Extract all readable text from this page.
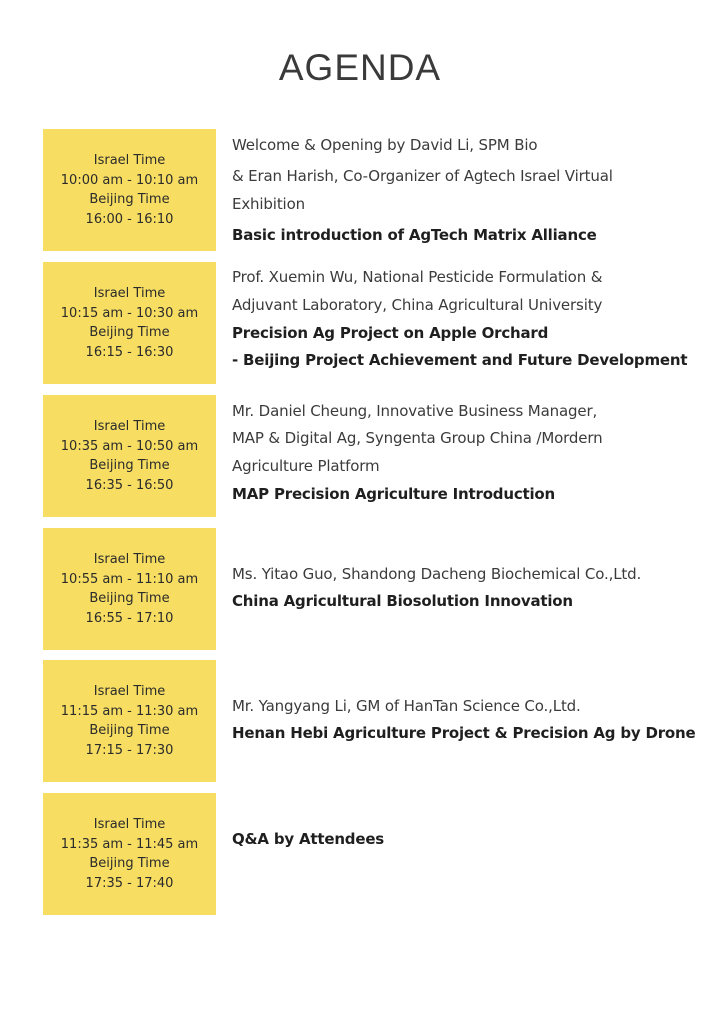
AGENDA
Israel Time
10:00 am - 10:10 am
Beijing Time
16:00 - 16:10
Welcome & Opening by David Li, SPM Bio
& Eran Harish, Co-Organizer of Agtech Israel Virtual
Exhibition
Basic introduction of AgTech Matrix Alliance
Israel Time
10:15 am - 10:30 am
Beijing Time
16:15 - 16:30
Prof. Xuemin Wu, National Pesticide Formulation &
Adjuvant Laboratory, China Agricultural University
Precision Ag Project on Apple Orchard
- Beijing Project Achievement and Future Development
Israel Time
10:35 am - 10:50 am
Beijing Time
16:35 - 16:50
Mr. Daniel Cheung, Innovative Business Manager,
MAP & Digital Ag, Syngenta Group China /Mordern
Agriculture Platform
MAP Precision Agriculture Introduction
Israel Time
10:55 am - 11:10 am
Beijing Time
16:55 - 17:10
Ms. Yitao Guo, Shandong Dacheng Biochemical Co.,Ltd.
China Agricultural Biosolution Innovation
Israel Time
11:15 am - 11:30 am
Beijing Time
17:15 - 17:30
Mr. Yangyang Li, GM of HanTan Science Co.,Ltd.
Henan Hebi Agriculture Project & Precision Ag by Drone
Israel Time
11:35 am - 11:45 am
Beijing Time
17:35 - 17:40
Q&A by Attendees
